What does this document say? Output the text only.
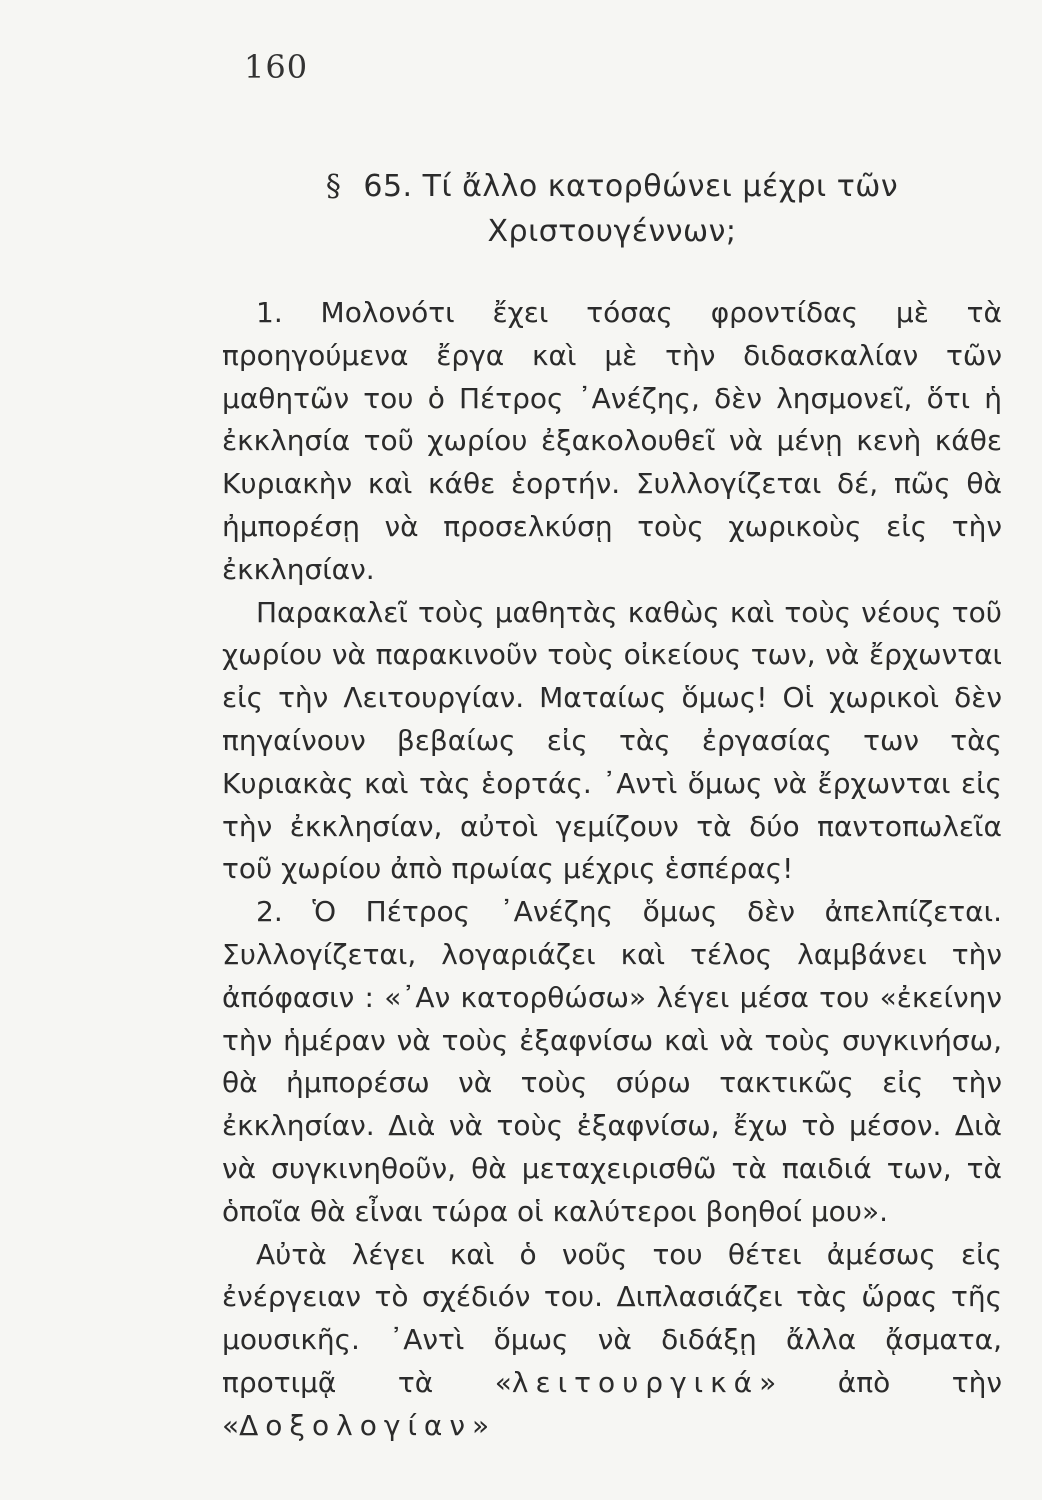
160
§ 65. Τί ἄλλο κατορθώνει μέχρι τῶν Χριστουγέννων;

1. Μολονότι ἔχει τόσας φροντίδας μὲ τὰ προηγούμενα ἔργα καὶ μὲ τὴν διδασκαλίαν τῶν μαθητῶν του ὁ Πέτρος ᾿Ανέζης, δὲν λησμονεῖ, ὅτι ἡ ἐκκλησία τοῦ χωρίου ἐξακολουθεῖ νὰ μένῃ κενὴ κάθε Κυριακὴν καὶ κάθε ἑορτήν. Συλλογίζεται δέ, πῶς θὰ ἠμπορέσῃ νὰ προσελκύσῃ τοὺς χωρικοὺς εἰς τὴν ἐκκλησίαν.

Παρακαλεῖ τοὺς μαθητὰς καθὼς καὶ τοὺς νέους τοῦ χωρίου νὰ παρακινοῦν τοὺς οἰκείους των, νὰ ἔρχωνται εἰς τὴν Λειτουργίαν. Ματαίως ὅμως! Οἱ χωρικοὶ δὲν πηγαίνουν βεβαίως εἰς τὰς ἐργασίας των τὰς Κυριακὰς καὶ τὰς ἑορτάς. ᾿Αντὶ ὅμως νὰ ἔρχωνται εἰς τὴν ἐκκλησίαν, αὐτοὶ γεμίζουν τὰ δύο παντοπωλεῖα τοῦ χωρίου ἀπὸ πρωίας μέχρις ἑσπέρας!

2. Ὁ Πέτρος ᾿Ανέζης ὅμως δὲν ἀπελπίζεται. Συλλογίζεται, λογαριάζει καὶ τέλος λαμβάνει τὴν ἀπόφασιν : «᾿Αν κατορθώσω» λέγει μέσα του «ἐκείνην τὴν ἡμέραν νὰ τοὺς ἐξαφνίσω καὶ νὰ τοὺς συγκινήσω, θὰ ἠμπορέσω νὰ τοὺς σύρω τακτικῶς εἰς τὴν ἐκκλησίαν. Διὰ νὰ τοὺς ἐξαφνίσω, ἔχω τὸ μέσον. Διὰ νὰ συγκινηθοῦν, θὰ μεταχειρισθῶ τὰ παιδιά των, τὰ ὁποῖα θὰ εἶναι τώρα οἱ καλύτεροι βοηθοί μου».

Αὐτὰ λέγει καὶ ὁ νοῦς του θέτει ἀμέσως εἰς ἐνέργειαν τὸ σχέδιόν του. Διπλασιάζει τὰς ὥρας τῆς μουσικῆς. ᾿Αντὶ ὅμως νὰ διδάξῃ ἄλλα ᾄσματα, προτιμᾷ τὰ «λειτουργικά» ἀπὸ τὴν «Δοξολογίαν»
